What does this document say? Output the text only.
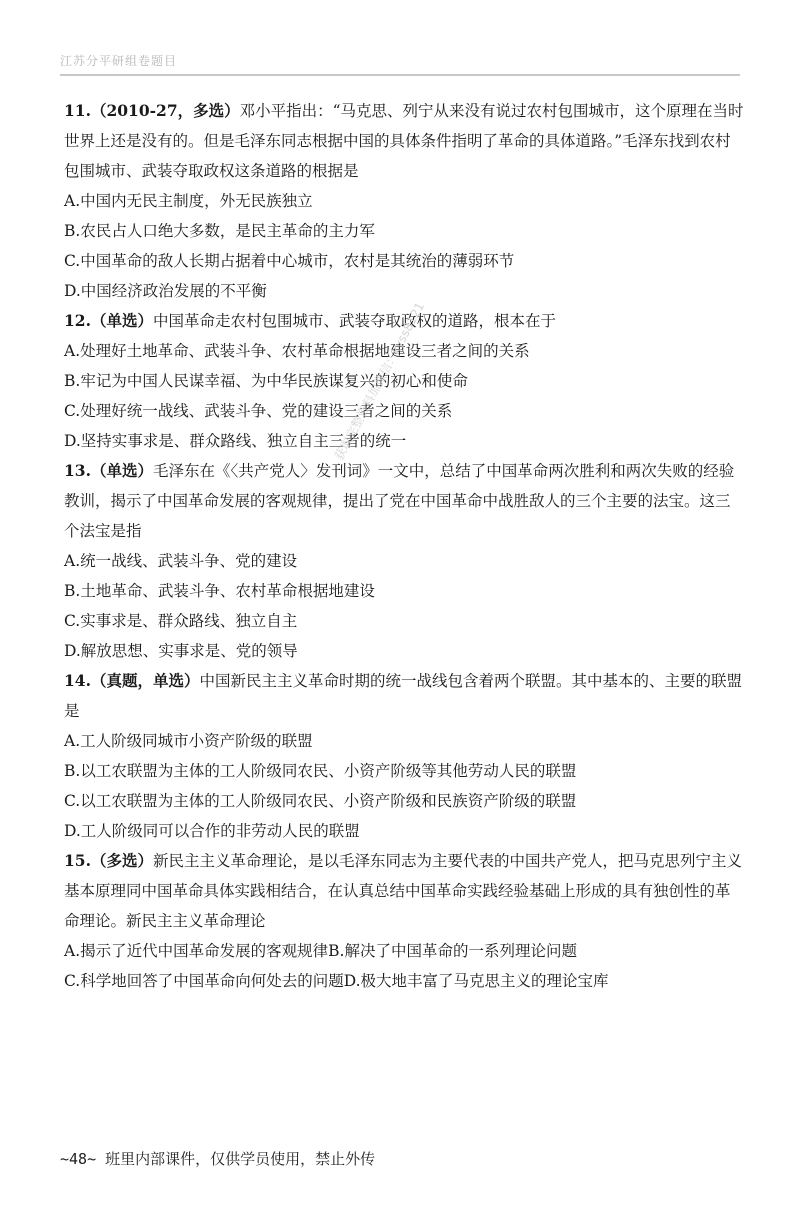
江苏分平研组卷题目

11.（2010-27，多选）邓小平指出：“马克思、列宁从来没有说过农村包围城市，这个原理在当时世界上还是没有的。但是毛泽东同志根据中国的具体条件指明了革命的具体道路。”毛泽东找到农村包围城市、武装夺取政权这条道路的根据是

A.中国内无民主制度，外无民族独立

B.农民占人口绝大多数，是民主革命的主力军

C.中国革命的敌人长期占据着中心城市，农村是其统治的薄弱环节

D.中国经济政治发展的不平衡

12.（单选）中国革命走农村包围城市、武装夺取政权的道路，根本在于

A.处理好土地革命、武装斗争、农村革命根据地建设三者之间的关系

B.牢记为中国人民谋幸福、为中华民族谋复兴的初心和使命

C.处理好统一战线、武装斗争、党的建设三者之间的关系

D.坚持实事求是、群众路线、独立自主三者的统一

13.（单选）毛泽东在《〈共产党人〉发刊词》一文中，总结了中国革命两次胜利和两次失败的经验教训，揭示了中国革命发展的客观规律，提出了党在中国革命中战胜敌人的三个主要的法宝。这三个法宝是指

A.统一战线、武装斗争、党的建设

B.土地革命、武装斗争、农村革命根据地建设

C.实事求是、群众路线、独立自主

D.解放思想、实事求是、党的领导

14.（真题，单选）中国新民主主义革命时期的统一战线包含着两个联盟。其中基本的、主要的联盟是

A.工人阶级同城市小资产阶级的联盟

B.以工农联盟为主体的工人阶级同农民、小资产阶级等其他劳动人民的联盟

C.以工农联盟为主体的工人阶级同农民、小资产阶级和民族资产阶级的联盟

D.工人阶级同可以合作的非劳动人民的联盟

15.（多选）新民主主义革命理论，是以毛泽东同志为主要代表的中国共产党人，把马克思列宁主义基本原理同中国革命具体实践相结合，在认真总结中国革命实践经验基础上形成的具有独创性的革命理论。新民主主义革命理论

A.揭示了近代中国革命发展的客观规律B.解决了中国革命的一系列理论问题

C.科学地回答了中国革命向何处去的问题D.极大地丰富了马克思主义的理论宝库

获取完整资料加微信：kyss8121
~48~ 班里内部课件，仅供学员使用，禁止外传
